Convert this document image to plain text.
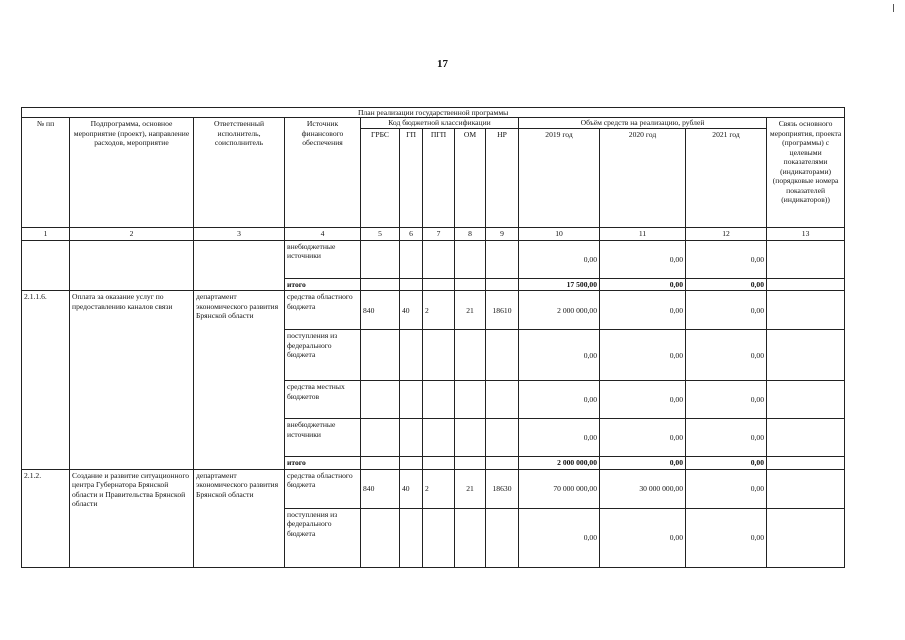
17
План реализации государственной программы												
№ пп	Подпрограмма, основное мероприятие (проект), направление расходов, мероприятие	Ответственный исполнитель, соисполнитель	Источник финансового обеспечения	Код бюджетной классификации					Объём средств на реализацию, рублей			Связь основного мероприятия, проекта (программы) с целевыми показателями (индикаторами) (порядковые номера показателей (индикаторов))
				ГРБС	ГП	ПГП	ОМ	НР	2019 год	2020 год	2021 год	
1	2	3	4	5	6	7	8	9	10	11	12	13
			внебюджетные источники						0,00	0,00	0,00	
			итого						17 500,00	0,00	0,00	
2.1.1.6.	Оплата за оказание услуг по предоставлению каналов связи	департамент экономического развития Брянской области	средства областного бюджета	840	40	2	21	18610	2 000 000,00	0,00	0,00	
			поступления из федерального бюджета						0,00	0,00	0,00	
			средства местных бюджетов						0,00	0,00	0,00	
			внебюджетные источники						0,00	0,00	0,00	
			итого						2 000 000,00	0,00	0,00	
2.1.2.	Создание и развитие ситуационного центра Губернатора Брянской области и Правительства Брянской области	департамент экономического развития Брянской области	средства областного бюджета	840	40	2	21	18630	70 000 000,00	30 000 000,00	0,00	
			поступления из федерального бюджета						0,00	0,00	0,00	
